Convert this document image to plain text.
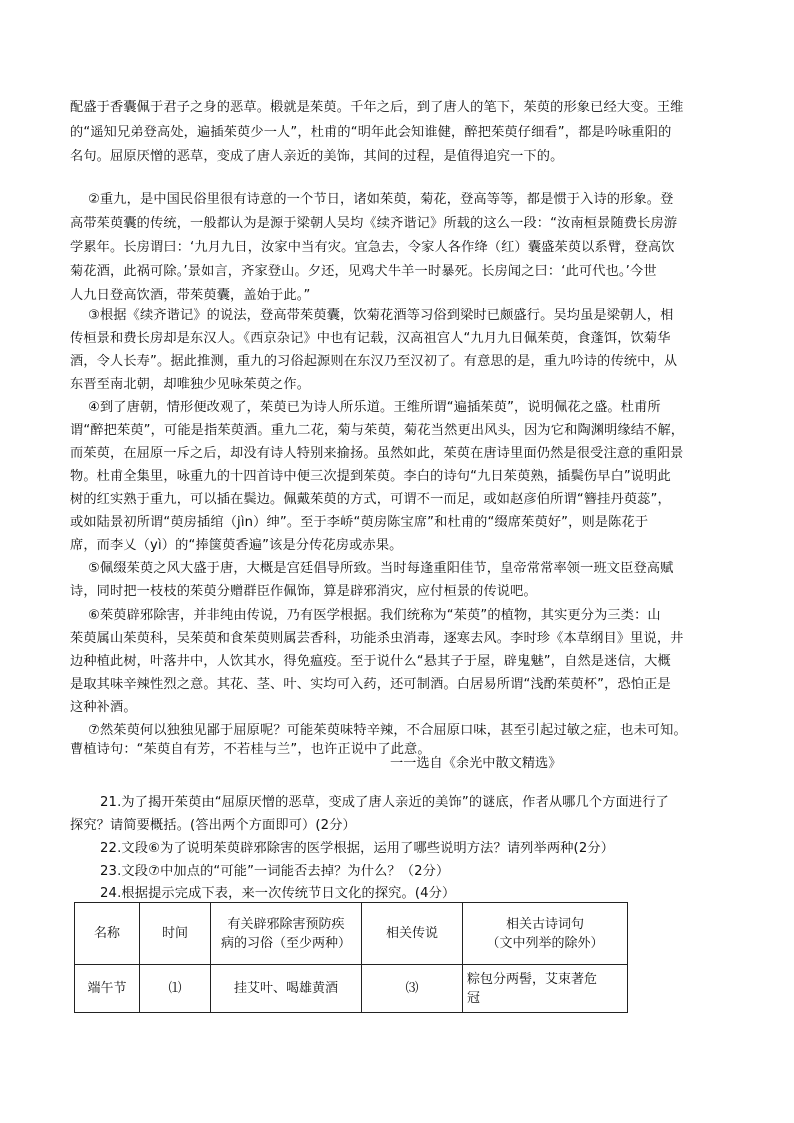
配盛于香囊佩于君子之身的恶草。椴就是茱萸。千年之后，到了唐人的笔下，茱萸的形象已经大变。王维
的“遥知兄弟登高处，遍插茱萸少一人”，杜甫的“明年此会知谁健，醉把茱萸仔细看”，都是吟咏重阳的
名句。屈原厌憎的恶草，变成了唐人亲近的美饰，其间的过程，是值得追究一下的。
②重九，是中国民俗里很有诗意的一个节日，诸如茱萸，菊花，登高等等，都是惯于入诗的形象。登
高带茱萸囊的传统，一般都认为是源于梁朝人吴均《续齐谐记》所载的这么一段：“汝南桓景随费长房游
学累年。长房谓曰：‘九月九日，汝家中当有灾。宜急去，令家人各作绛（红）囊盛茱萸以系臂，登高饮
菊花酒，此祸可除。’景如言，齐家登山。夕还，见鸡犬牛羊一时暴死。长房闻之曰：‘此可代也。’今世
人九日登高饮酒，带茱萸囊，盖始于此。”
③根据《续齐谐记》的说法，登高带茱萸囊，饮菊花酒等习俗到梁时已颇盛行。吴均虽是梁朝人，相
传桓景和费长房却是东汉人。《西京杂记》中也有记载，汉高祖宫人“九月九日佩茱萸，食蓬饵，饮菊华
酒，令人长寿”。据此推测，重九的习俗起源则在东汉乃至汉初了。有意思的是，重九吟诗的传统中，从
东晋至南北朝，却唯独少见咏茱萸之作。
④到了唐朝，情形便改观了，茱萸已为诗人所乐道。王维所谓“遍插茱萸”，说明佩花之盛。杜甫所
谓“醉把茱萸”，可能是指茱萸酒。重九二花，菊与茱萸，菊花当然更出风头，因为它和陶渊明缘结不解，
而茱萸，在屈原一斥之后，却没有诗人特别来揄扬。虽然如此，茱萸在唐诗里面仍然是很受注意的重阳景
物。杜甫全集里，咏重九的十四首诗中便三次提到茱萸。李白的诗句“九日茱萸熟，插鬓伤早白”说明此
树的红实熟于重九，可以插在鬓边。佩戴茱萸的方式，可谓不一而足，或如赵彦伯所谓“簪挂丹萸蕊”，
或如陆景初所谓“萸房插绾（jìn）绅”。至于李峤“萸房陈宝席”和杜甫的“缀席茱萸好”，则是陈花于
席，而李乂（yì）的“捧箧萸香遍”该是分传花房或赤果。
⑤佩缀茱萸之风大盛于唐，大概是宫廷倡导所致。当时每逢重阳佳节，皇帝常常率领一班文臣登高赋
诗，同时把一枝枝的茱萸分赠群臣作佩饰，算是辟邪消灾，应付桓景的传说吧。
⑥茱萸辟邪除害，并非纯由传说，乃有医学根据。我们统称为“茱萸”的植物，其实更分为三类：山
茱萸属山茱萸科，吴茱萸和食茱萸则属芸香科，功能杀虫消毒，逐寒去风。李时珍《本草纲目》里说，井
边种植此树，叶落井中，人饮其水，得免瘟疫。至于说什么“悬其子于屋，辟鬼魅”，自然是迷信，大概
是取其味辛辣性烈之意。其花、茎、叶、实均可入药，还可制酒。白居易所谓“浅酌茱萸杯”，恐怕正是
这种补酒。
⑦然茱萸何以独独见鄙于屈原呢？可能茱萸味特辛辣，不合屈原口味，甚至引起过敏之症，也未可知。
曹植诗句：“茱萸自有芳，不若桂与兰”，也许正说中了此意。
一一选自《余光中散文精选》
21.为了揭开茱萸由“屈原厌憎的恶草，变成了唐人亲近的美饰”的谜底，作者从哪几个方面进行了
探究？请简要概括。(答出两个方面即可）(2分）
22.文段⑥为了说明茱萸辟邪除害的医学根据，运用了哪些说明方法？请列举两种(2分）
23.文段⑦中加点的“可能”一词能否去掉？为什么？（2分）
24.根据提示完成下表，来一次传统节日文化的探究。(4分）
名称	时间	有关辟邪除害预防疾
病的习俗（至少两种）	相关传说	相关古诗词句
（文中列举的除外）
端午节	⑴	挂艾叶、喝雄黄酒	⑶	粽包分两髻，艾束著危
冠
